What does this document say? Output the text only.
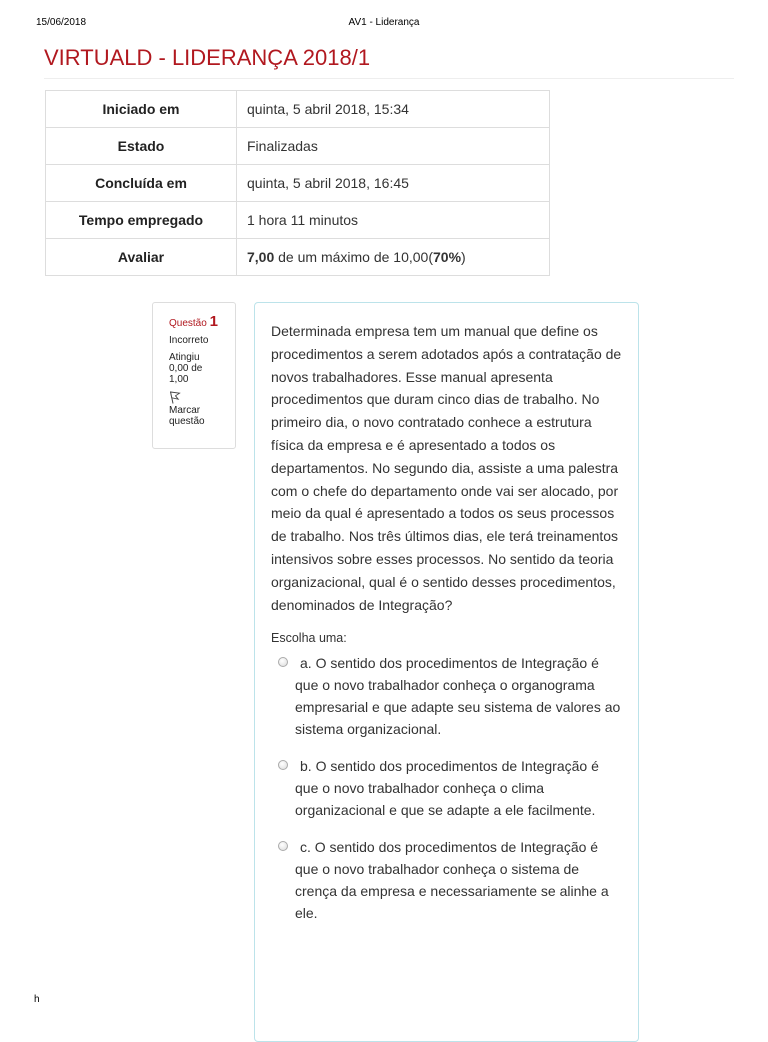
15/06/2018	AV1 - Liderança
VIRTUALD - LIDERANÇA 2018/1
Iniciado em	quinta, 5 abril 2018, 15:34
Estado	Finalizadas
Concluída em	quinta, 5 abril 2018, 16:45
Tempo empregado	1 hora 11 minutos
Avaliar	7,00 de um máximo de 10,00(70%)
Questão 1
Incorreto
Atingiu 0,00 de 1,00
Marcar questão

Determinada empresa tem um manual que define os procedimentos a serem adotados após a contratação de novos trabalhadores. Esse manual apresenta procedimentos que duram cinco dias de trabalho. No primeiro dia, o novo contratado conhece a estrutura física da empresa e é apresentado a todos os departamentos. No segundo dia, assiste a uma palestra com o chefe do departamento onde vai ser alocado, por meio da qual é apresentado a todos os seus processos de trabalho. Nos três últimos dias, ele terá treinamentos intensivos sobre esses processos. No sentido da teoria organizacional, qual é o sentido desses procedimentos, denominados de Integração?

Escolha uma:
a. O sentido dos procedimentos de Integração é que o novo trabalhador conheça o organograma empresarial e que adapte seu sistema de valores ao sistema organizacional.
b. O sentido dos procedimentos de Integração é que o novo trabalhador conheça o clima organizacional e que se adapte a ele facilmente.
c. O sentido dos procedimentos de Integração é que o novo trabalhador conheça o sistema de crença da empresa e necessariamente se alinhe a ele.
h
